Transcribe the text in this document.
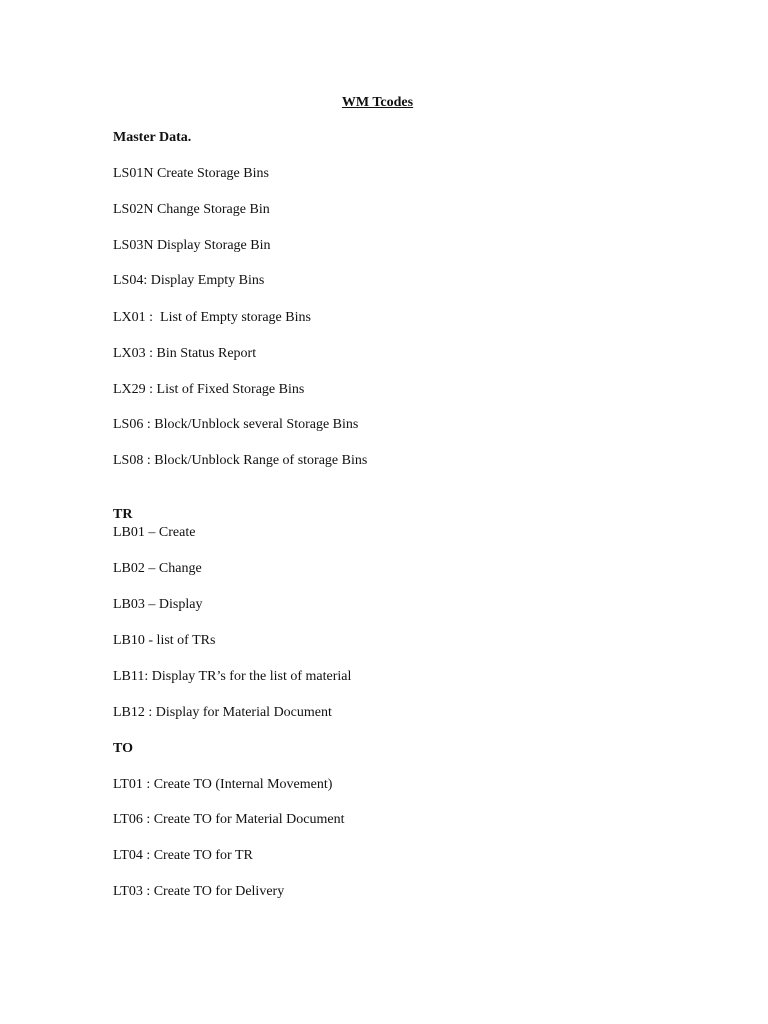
WM Tcodes
Master Data.
LS01N Create Storage Bins
LS02N Change Storage Bin
LS03N Display Storage Bin
LS04: Display Empty Bins
LX01 :  List of Empty storage Bins
LX03 : Bin Status Report
LX29 : List of Fixed Storage Bins
LS06 : Block/Unblock several Storage Bins
LS08 : Block/Unblock Range of storage Bins
TR
LB01 – Create
LB02 – Change
LB03 – Display
LB10 - list of TRs
LB11: Display TR’s for the list of material
LB12 : Display for Material Document
TO
LT01 : Create TO (Internal Movement)
LT06 : Create TO for Material Document
LT04 : Create TO for TR
LT03 : Create TO for Delivery
